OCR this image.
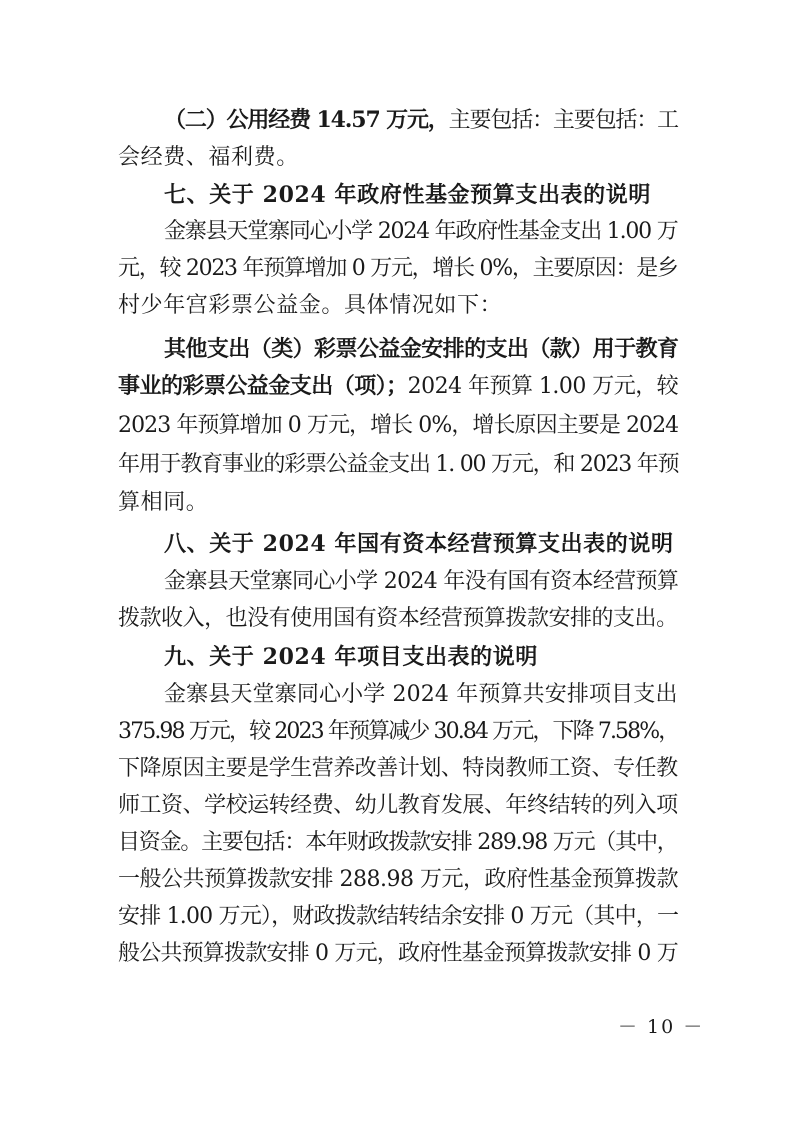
（二）公用经费 14.57 万元，主要包括：主要包括：工
会经费、福利费。
七、关于 2024 年政府性基金预算支出表的说明
金寨县天堂寨同心小学 2024 年政府性基金支出 1.00 万
元，较 2023 年预算增加 0 万元，增长 0%，主要原因：是乡
村少年宫彩票公益金。具体情况如下：
其他支出（类）彩票公益金安排的支出（款）用于教育
事业的彩票公益金支出（项）；2024 年预算 1.00 万元，较
2023 年预算增加 0 万元，增长 0%，增长原因主要是 2024
年用于教育事业的彩票公益金支出 1. 00 万元，和 2023 年预
算相同。
八、关于 2024 年国有资本经营预算支出表的说明
金寨县天堂寨同心小学 2024 年没有国有资本经营预算
拨款收入，也没有使用国有资本经营预算拨款安排的支出。
九、关于 2024 年项目支出表的说明
金寨县天堂寨同心小学 2024 年预算共安排项目支出
375.98 万元，较 2023 年预算减少 30.84 万元，下降 7.58%，
下降原因主要是学生营养改善计划、特岗教师工资、专任教
师工资、学校运转经费、幼儿教育发展、年终结转的列入项
目资金。主要包括：本年财政拨款安排 289.98 万元（其中，
一般公共预算拨款安排 288.98 万元，政府性基金预算拨款
安排 1.00 万元），财政拨款结转结余安排 0 万元（其中，一
般公共预算拨款安排 0 万元，政府性基金预算拨款安排 0 万
－ 10 －
